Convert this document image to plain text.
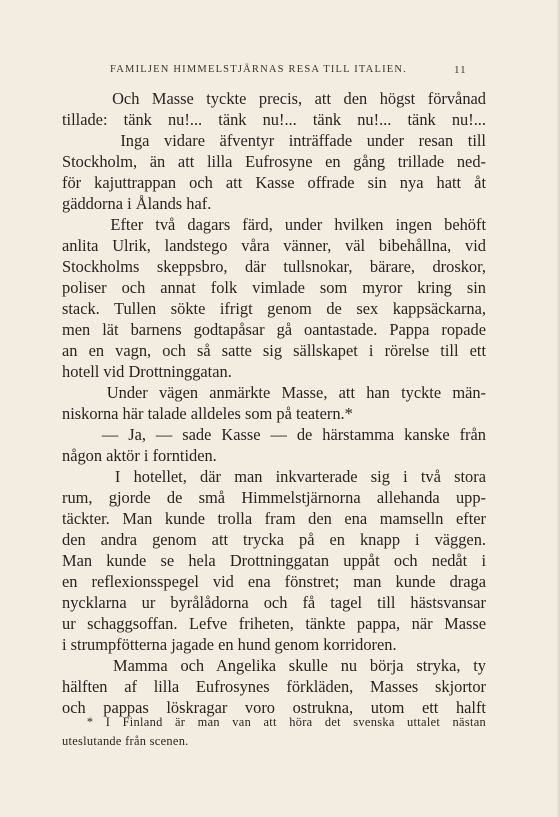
FAMILJEN HIMMELSTJÄRNAS RESA TILL ITALIEN.	11
Och Masse tyckte precis, att den högst förvånad
tillade: tänk nu!... tänk nu!... tänk nu!... tänk nu!...
Inga vidare äfventyr inträffade under resan till
Stockholm, än att lilla Eufrosyne en gång trillade ned-
för kajuttrappan och att Kasse offrade sin nya hatt åt
gäddorna i Ålands haf.
Efter två dagars färd, under hvilken ingen behöft
anlita Ulrik, landstego våra vänner, väl bibehållna, vid
Stockholms skeppsbro, där tullsnokar, bärare, droskor,
poliser och annat folk vimlade som myror kring sin
stack. Tullen sökte ifrigt genom de sex kappsäckarna,
men lät barnens godtapåsar gå oantastade. Pappa ropade
an en vagn, och så satte sig sällskapet i rörelse till ett
hotell vid Drottninggatan.
Under vägen anmärkte Masse, att han tyckte män-
niskorna här talade alldeles som på teatern.*
— Ja, — sade Kasse — de härstamma kanske från
någon aktör i forntiden.
I hotellet, där man inkvarterade sig i två stora
rum, gjorde de små Himmelstjärnorna allehanda upp-
täckter. Man kunde trolla fram den ena mamselln efter
den andra genom att trycka på en knapp i väggen.
Man kunde se hela Drottninggatan uppåt och nedåt i
en reflexionsspegel vid ena fönstret; man kunde draga
nycklarna ur byrålådorna och få tagel till hästsvansar
ur schaggsoffan. Lefve friheten, tänkte pappa, när Masse
i strumpfötterna jagade en hund genom korridoren.
Mamma och Angelika skulle nu börja stryka, ty
hälften af lilla Eufrosynes förkläden, Masses skjortor
och pappas löskragar voro ostrukna, utom ett halft
* I Finland är man van att höra det svenska uttalet nästan
uteslutande från scenen.
